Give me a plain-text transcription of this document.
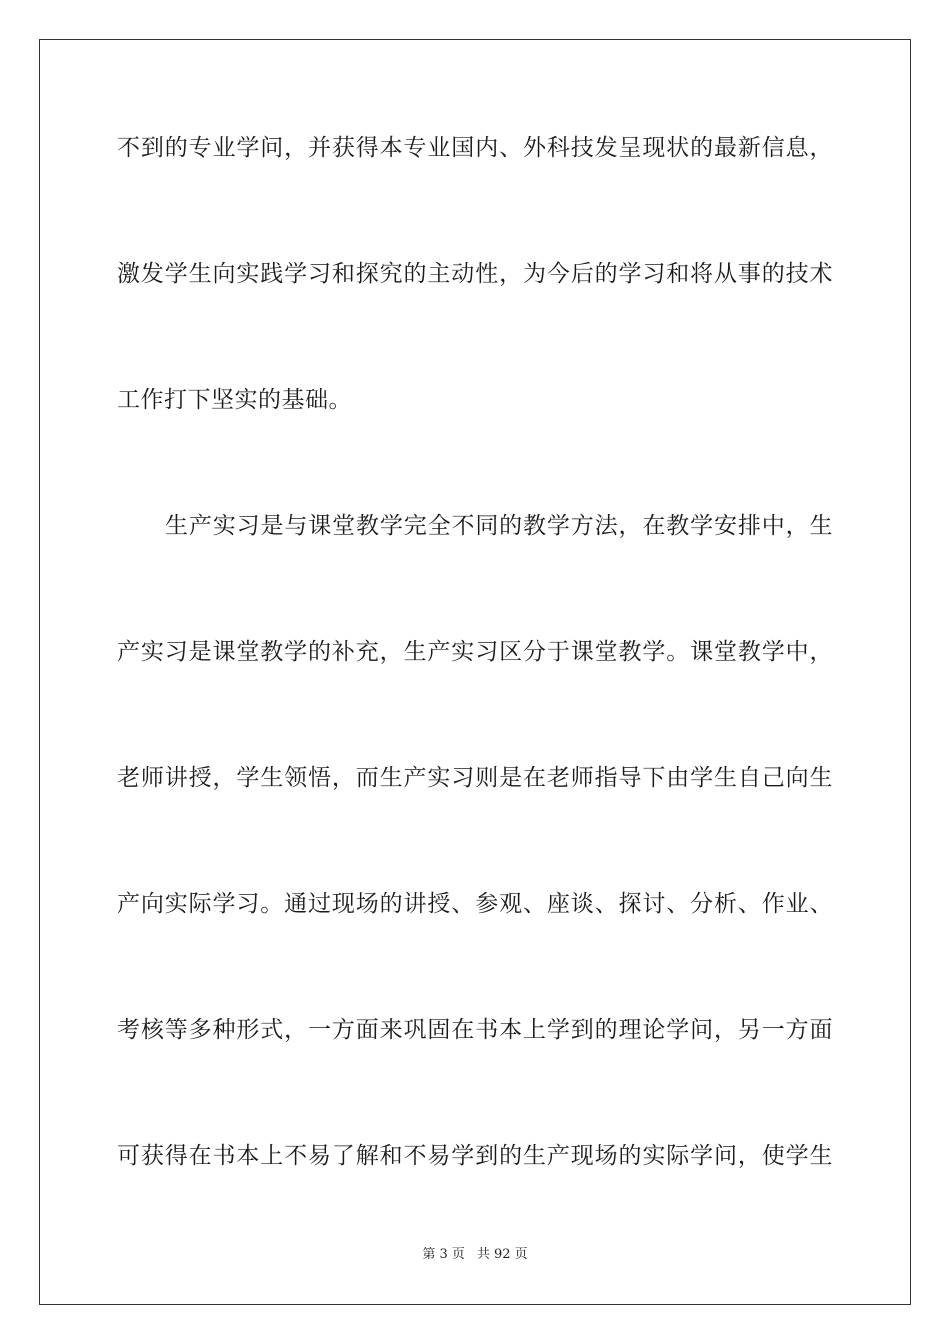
不到的专业学问，并获得本专业国内、外科技发呈现状的最新信息，
激发学生向实践学习和探究的主动性，为今后的学习和将从事的技术
工作打下坚实的基础。
生产实习是与课堂教学完全不同的教学方法，在教学安排中，生
产实习是课堂教学的补充，生产实习区分于课堂教学。课堂教学中，
老师讲授，学生领悟，而生产实习则是在老师指导下由学生自己向生
产向实际学习。通过现场的讲授、参观、座谈、探讨、分析、作业、
考核等多种形式，一方面来巩固在书本上学到的理论学问，另一方面
可获得在书本上不易了解和不易学到的生产现场的实际学问，使学生
第 3 页 共 92 页
